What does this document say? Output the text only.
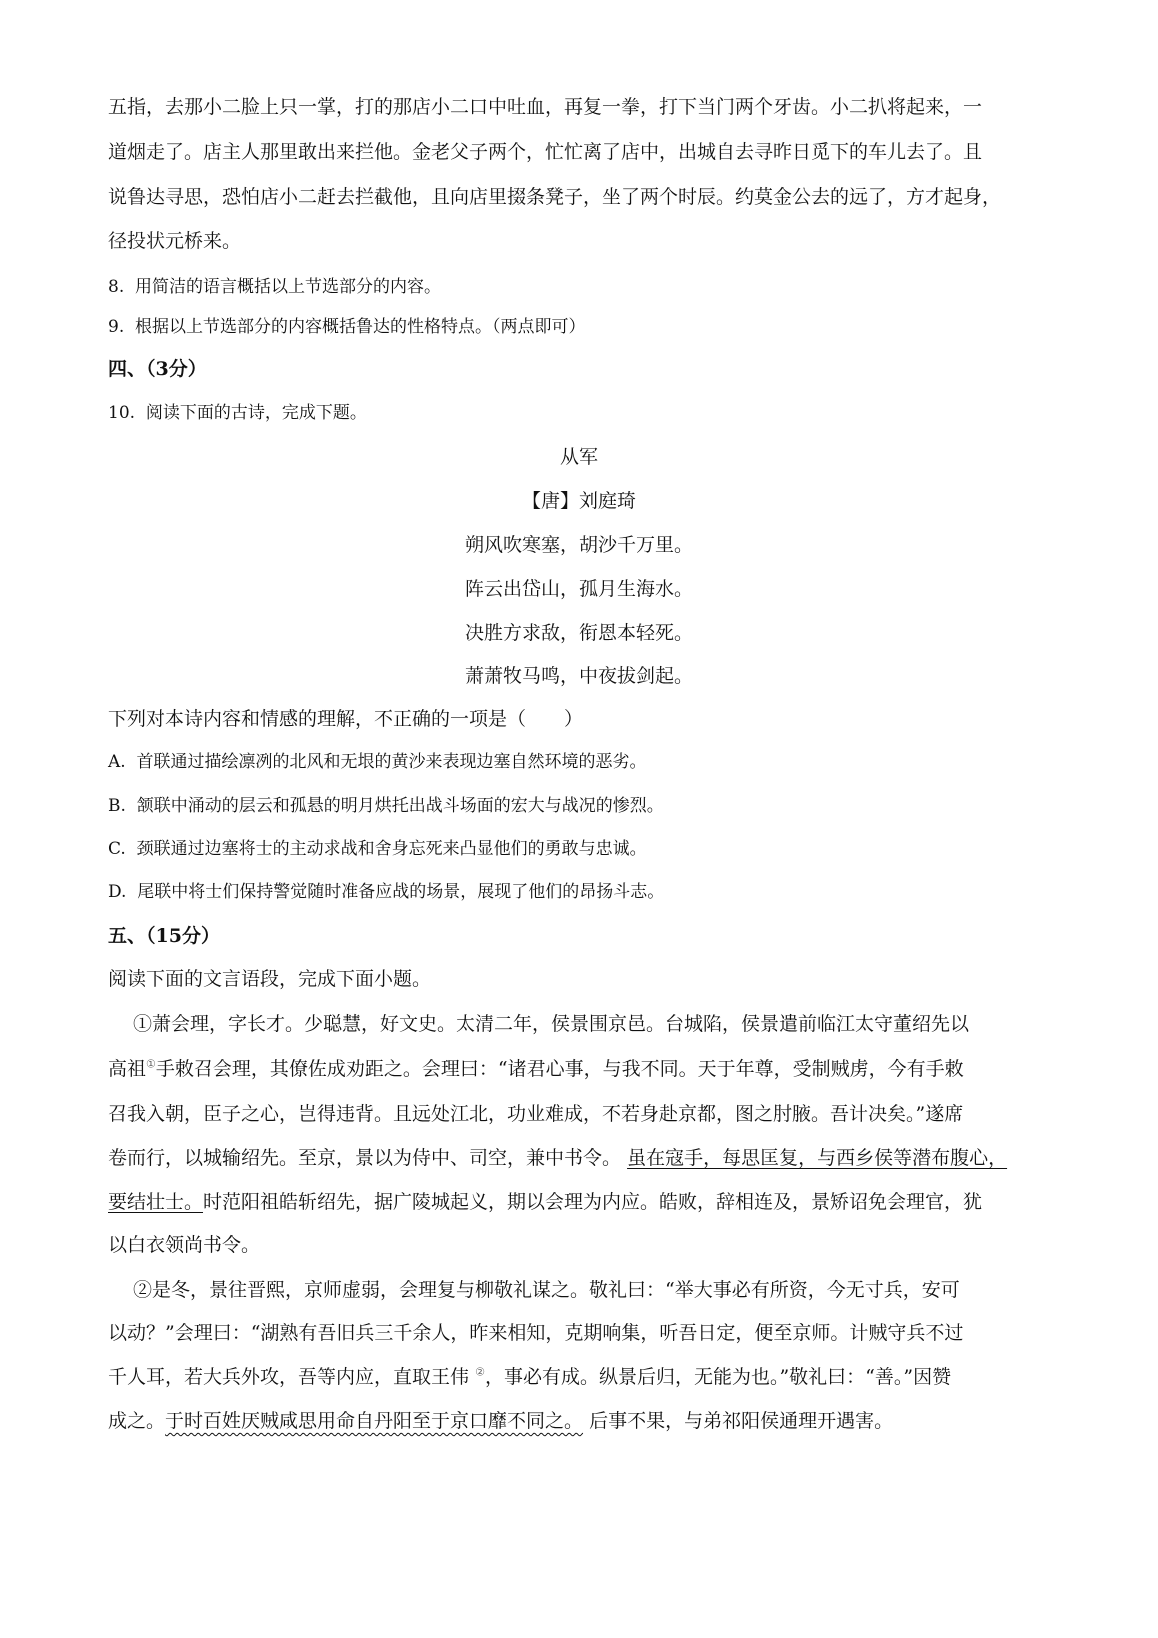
五指，去那小二脸上只一掌，打的那店小二口中吐血，再复一拳，打下当门两个牙齿。小二扒将起来，一
道烟走了。店主人那里敢出来拦他。金老父子两个，忙忙离了店中，出城自去寻昨日觅下的车儿去了。且
说鲁达寻思，恐怕店小二赶去拦截他，且向店里掇条凳子，坐了两个时辰。约莫金公去的远了，方才起身，
径投状元桥来。
8. 用简洁的语言概括以上节选部分的内容。
9. 根据以上节选部分的内容概括鲁达的性格特点。（两点即可）
四、（3分）
10. 阅读下面的古诗，完成下题。
从军
【唐】刘庭琦
朔风吹寒塞，胡沙千万里。
阵云出岱山，孤月生海水。
决胜方求敌，衔恩本轻死。
萧萧牧马鸣，中夜拔剑起。
下列对本诗内容和情感的理解，不正确的一项是（　　）
A. 首联通过描绘凛冽的北风和无垠的黄沙来表现边塞自然环境的恶劣。
B. 颔联中涌动的层云和孤悬的明月烘托出战斗场面的宏大与战况的惨烈。
C. 颈联通过边塞将士的主动求战和舍身忘死来凸显他们的勇敢与忠诚。
D. 尾联中将士们保持警觉随时准备应战的场景，展现了他们的昂扬斗志。
五、（15分）
阅读下面的文言语段，完成下面小题。
①萧会理，字长才。少聪慧，好文史。太清二年，侯景围京邑。台城陷，侯景遣前临江太守董绍先以
高祖①手敕召会理，其僚佐成劝距之。会理曰：“诸君心事，与我不同。天于年尊，受制贼虏，今有手敕
召我入朝，臣子之心，岂得违背。且远处江北，功业难成，不若身赴京都，图之肘腋。吾计决矣。”遂席
卷而行，以城输绍先。至京，景以为侍中、司空，兼中书令。 虽在寇手，每思匡复，与西乡侯等潜布腹心，
要结壮士。时范阳祖皓斩绍先，据广陵城起义，期以会理为内应。皓败，辞相连及，景矫诏免会理官，犹
以白衣领尚书令。
②是冬，景往晋熙，京师虚弱，会理复与柳敬礼谋之。敬礼曰：“举大事必有所资，今无寸兵，安可
以动？”会理曰：“湖熟有吾旧兵三千余人，昨来相知，克期响集，听吾日定，便至京师。计贼守兵不过
千人耳，若大兵外攻，吾等内应，直取王伟 ②，事必有成。纵景后归，无能为也。”敬礼曰：“善。”因赞
成之。于时百姓厌贼咸思用命自丹阳至于京口靡不同之。 后事不果，与弟祁阳侯通理开遇害。
